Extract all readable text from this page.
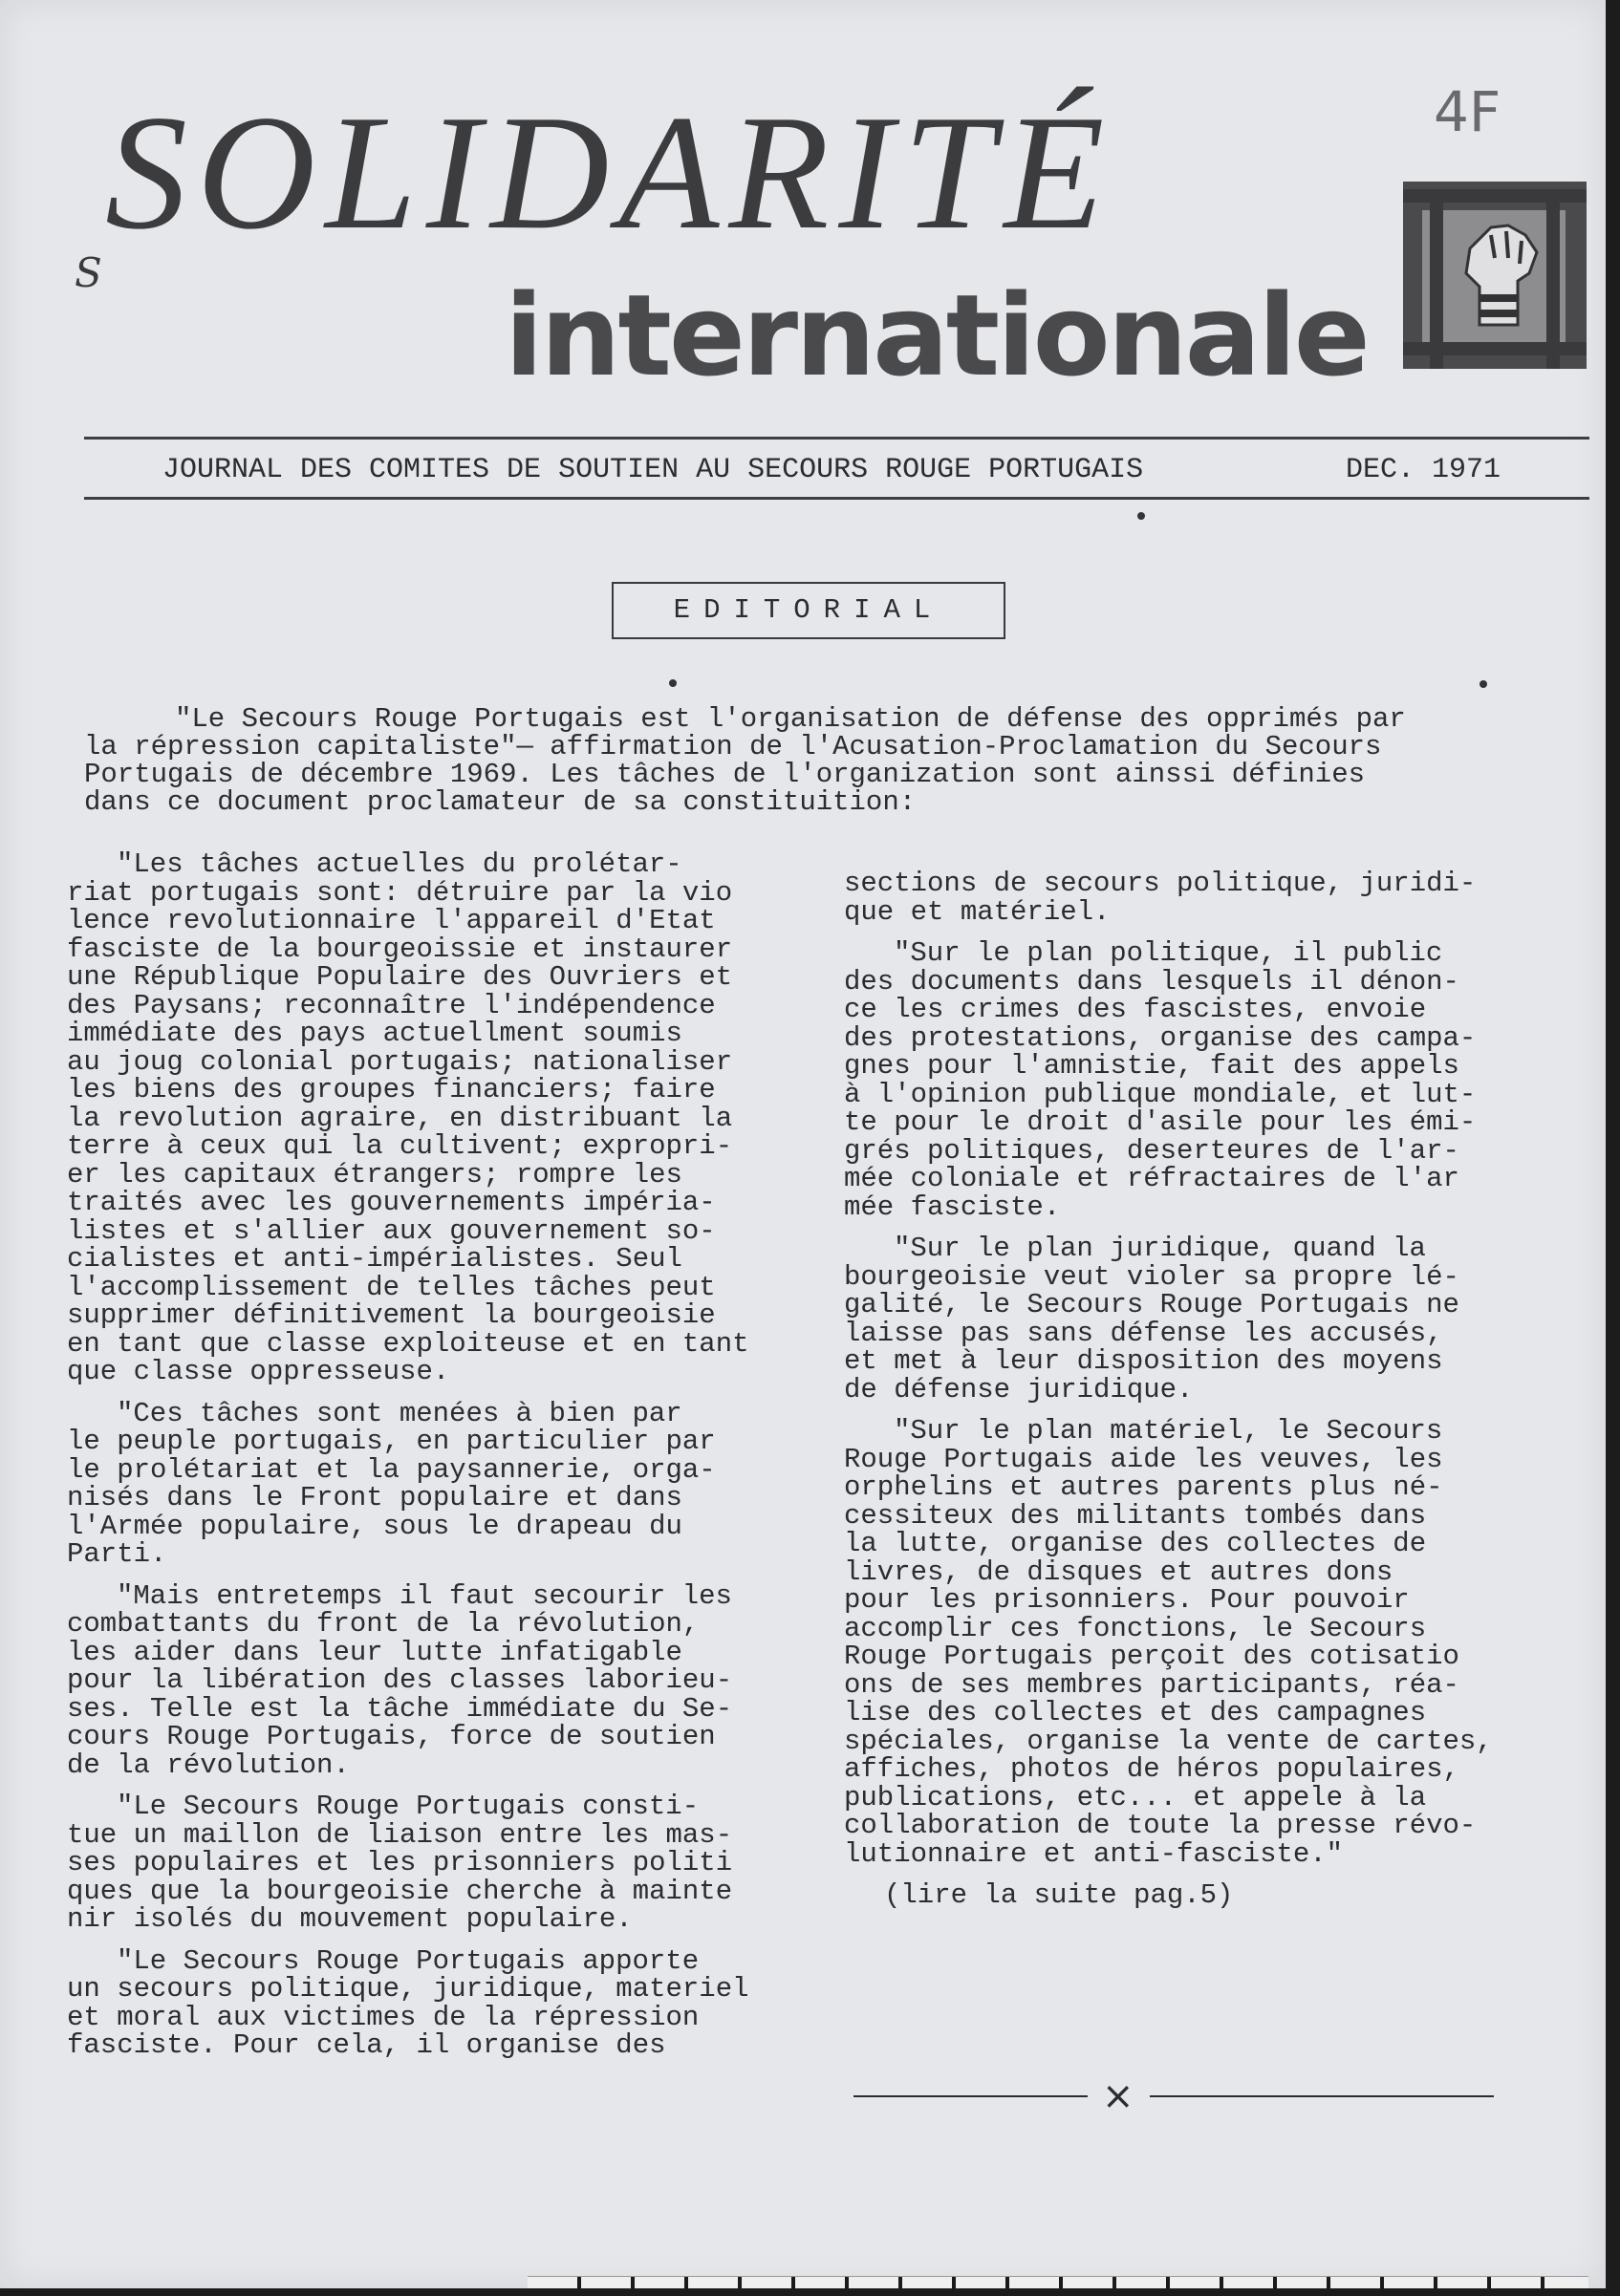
S
SOLIDARITÉ	4F
internationale
JOURNAL DES COMITES DE SOUTIEN AU SECOURS ROUGE PORTUGAIS	DEC. 1971
EDITORIAL

"Le Secours Rouge Portugais est l'organisation de défense des opprimés par

la répression capitaliste"— affirmation de l'Acusation-Proclamation du Secours

Portugais de décembre 1969. Les tâches de l'organization sont ainssi définies

dans ce document proclamateur de sa constituition:

"Les tâches actuelles du prolétar-
riat portugais sont: détruire par la vio
lence revolutionnaire l'appareil d'Etat
fasciste de la bourgeoissie et instaurer
une République Populaire des Ouvriers et
des Paysans; reconnaître l'indépendence
immédiate des pays actuellment soumis
au joug colonial portugais; nationaliser
les biens des groupes financiers; faire
la revolution agraire, en distribuant la
terre à ceux qui la cultivent; expropri-
er les capitaux étrangers; rompre les
traités avec les gouvernements impéria-
listes et s'allier aux gouvernement so-
cialistes et anti-impérialistes. Seul
l'accomplissement de telles tâches peut
supprimer définitivement la bourgeoisie
en tant que classe exploiteuse et en tant
que classe oppresseuse.

"Ces tâches sont menées à bien par
le peuple portugais, en particulier par
le prolétariat et la paysannerie, orga-
nisés dans le Front populaire et dans
l'Armée populaire, sous le drapeau du
Parti.

"Mais entretemps il faut secourir les
combattants du front de la révolution,
les aider dans leur lutte infatigable
pour la libération des classes laborieu-
ses. Telle est la tâche immédiate du Se-
cours Rouge Portugais, force de soutien
de la révolution.

"Le Secours Rouge Portugais consti-
tue un maillon de liaison entre les mas-
ses populaires et les prisonniers politi
ques que la bourgeoisie cherche à mainte
nir isolés du mouvement populaire.

"Le Secours Rouge Portugais apporte
un secours politique, juridique, materiel
et moral aux victimes de la répression
fasciste. Pour cela, il organise des

sections de secours politique, juridi-
que et matériel.

"Sur le plan politique, il public
des documents dans lesquels il dénon-
ce les crimes des fascistes, envoie
des protestations, organise des campa-
gnes pour l'amnistie, fait des appels
à l'opinion publique mondiale, et lut-
te pour le droit d'asile pour les émi-
grés politiques, deserteures de l'ar-
mée coloniale et réfractaires de l'ar
mée fasciste.

"Sur le plan juridique, quand la
bourgeoisie veut violer sa propre lé-
galité, le Secours Rouge Portugais ne
laisse pas sans défense les accusés,
et met à leur disposition des moyens
de défense juridique.

"Sur le plan matériel, le Secours
Rouge Portugais aide les veuves, les
orphelins et autres parents plus né-
cessiteux des militants tombés dans
la lutte, organise des collectes de
livres, de disques et autres dons
pour les prisonniers. Pour pouvoir
accomplir ces fonctions, le Secours
Rouge Portugais perçoit des cotisatio
ons de ses membres participants, réa-
lise des collectes et des campagnes
spéciales, organise la vente de cartes,
affiches, photos de héros populaires,
publications, etc... et appele à la
collaboration de toute la presse révo-
lutionnaire et anti-fasciste."

(lire la suite pag.5)
×
